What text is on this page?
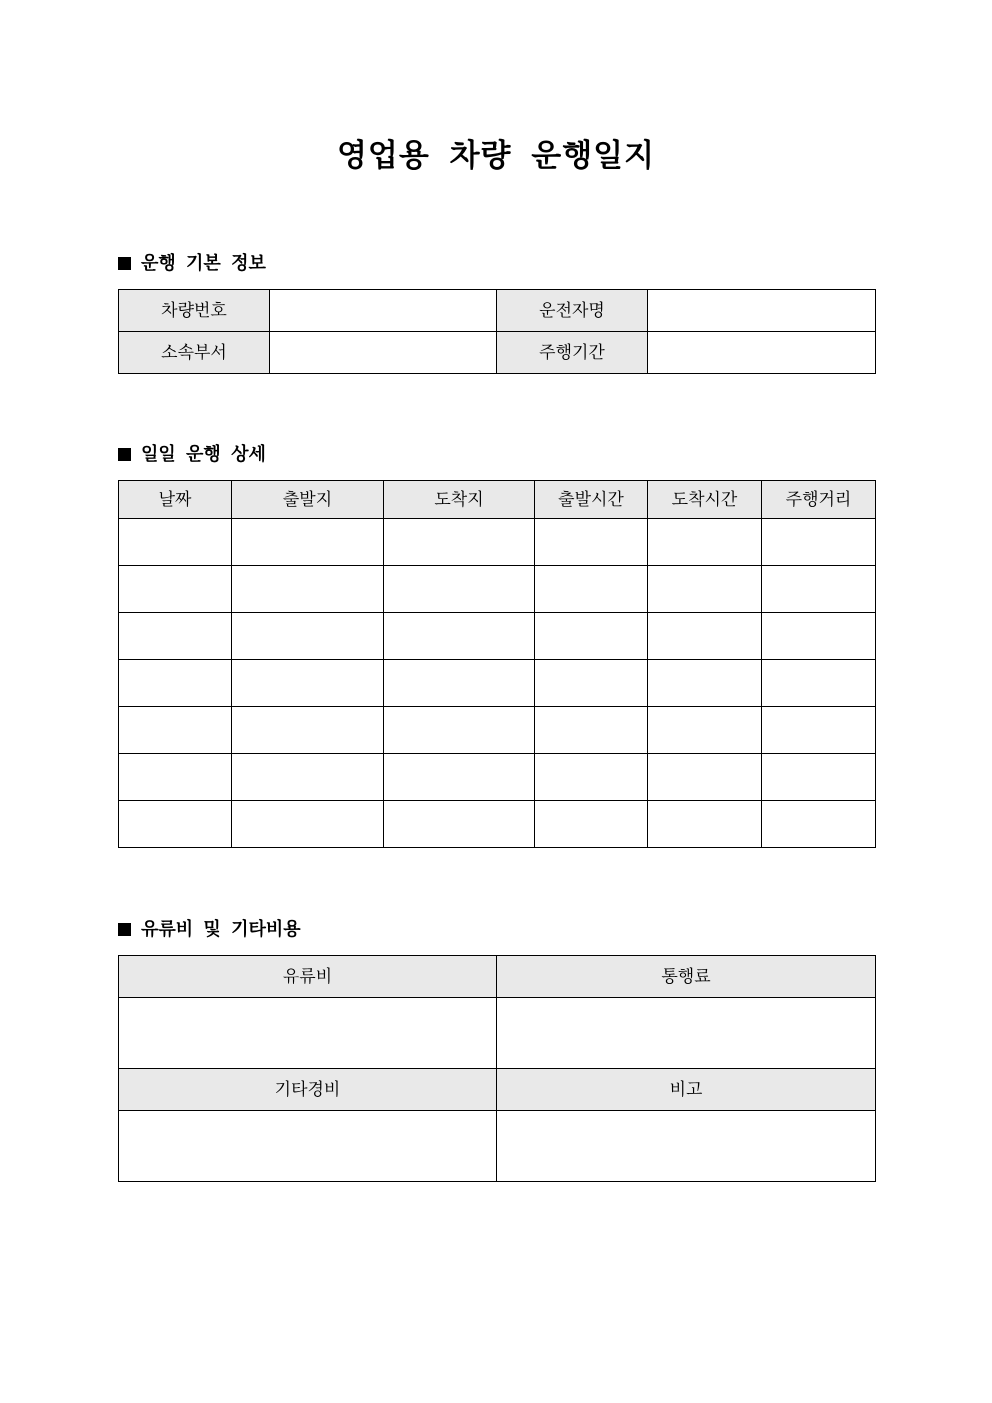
영업용 차량 운행일지
운행 기본 정보
차량번호		운전자명	
소속부서		주행기간	
일일 운행 상세
날짜	출발지	도착지	출발시간	도착시간	주행거리

유류비 및 기타비용
유류비	통행료

기타경비	비고
